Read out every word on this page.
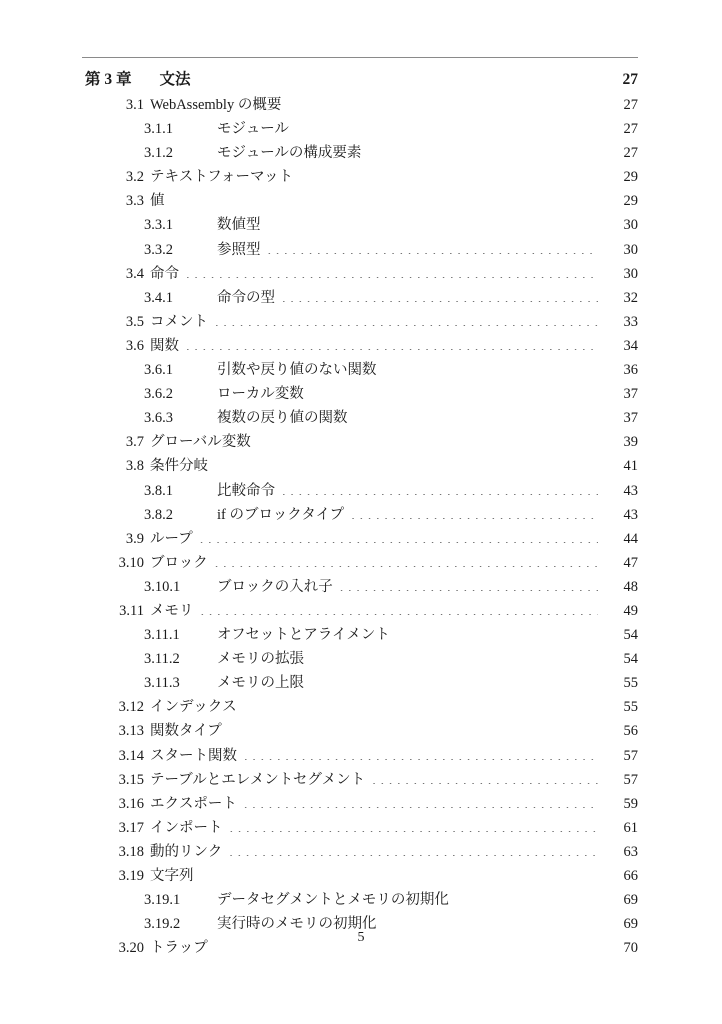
第 3 章 文法	27
3.1 WebAssembly の概要 . . .	27
3.1.1	モジュール . . .	27
3.1.2	モジュールの構成要素 . . .	27
3.2 テキストフォーマット . . .	29
3.3 値 . . .	29
3.3.1	数値型 . . .	30
3.3.2	参照型 . . .	30
3.4 命令 . . .	30
3.4.1	命令の型 . . .	32
3.5 コメント . . .	33
3.6 関数 . . .	34
3.6.1	引数や戻り値のない関数 . . .	36
3.6.2	ローカル変数 . . .	37
3.6.3	複数の戻り値の関数 . . .	37
3.7 グローバル変数 . . .	39
3.8 条件分岐 . . .	41
3.8.1	比較命令 . . .	43
3.8.2	if のブロックタイプ . . .	43
3.9 ループ . . .	44
3.10 ブロック . . .	47
3.10.1	ブロックの入れ子 . . .	48
3.11 メモリ . . .	49
3.11.1	オフセットとアライメント . . .	54
3.11.2	メモリの拡張 . . .	54
3.11.3	メモリの上限 . . .	55
3.12 インデックス . . .	55
3.13 関数タイプ . . .	56
3.14 スタート関数 . . .	57
3.15 テーブルとエレメントセグメント . . .	57
3.16 エクスポート . . .	59
3.17 インポート . . .	61
3.18 動的リンク . . .	63
3.19 文字列 . . .	66
3.19.1	データセグメントとメモリの初期化 . . .	69
3.19.2	実行時のメモリの初期化 . . .	69
3.20 トラップ . . .	70
5
